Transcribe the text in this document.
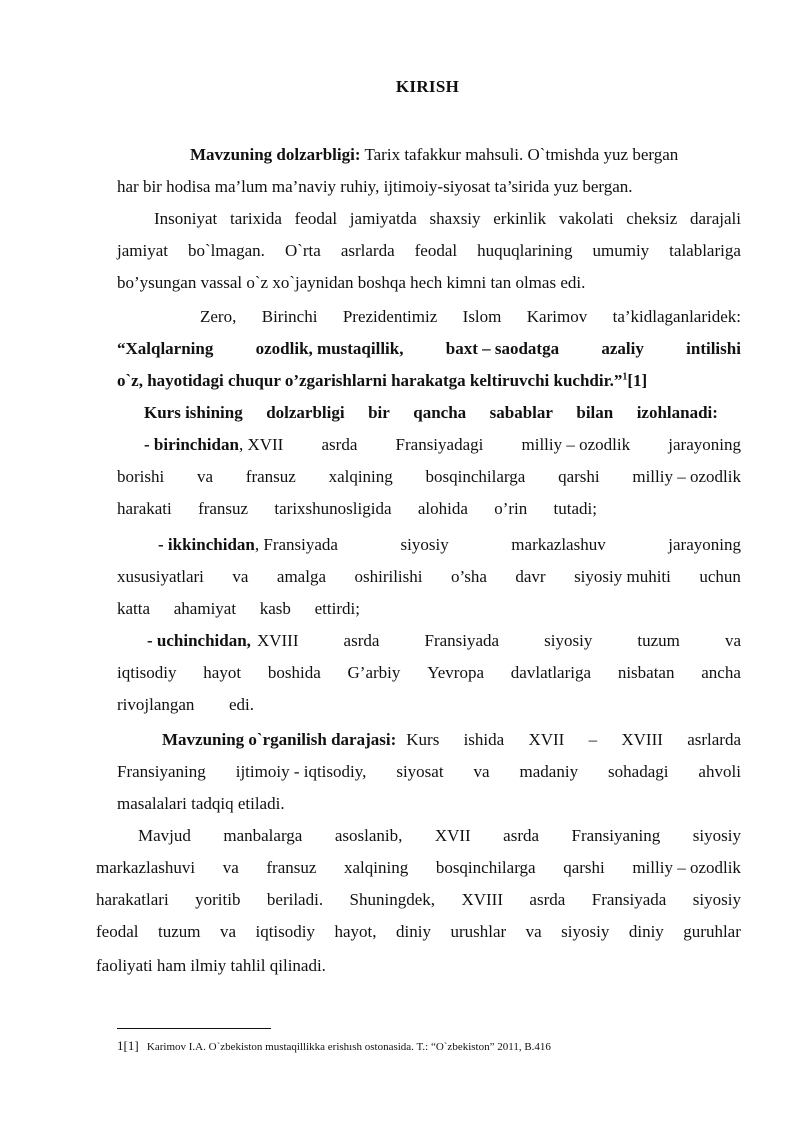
KIRISH
Mavzuning dolzarbligi: Tarix tafakkur mahsuli. O`tmishda yuz bergan
har bir hodisa ma’lum ma’naviy ruhiy, ijtimoiy-siyosat ta’sirida yuz bergan.
Insoniyat tarixida feodal jamiyatda shaxsiy erkinlik vakolati cheksiz darajali
jamiyat bo`lmagan. O`rta asrlarda feodal huquqlarining umumiy talablariga
bo’ysungan vassal o`z xo`jaynidan boshqa hech kimni tan olmas edi.
Zero, Birinchi Prezidentimiz Islom Karimov ta’kidlaganlaridek:
“Xalqlarning ozodlik, mustaqillik, baxt – saodatga azaliy intilishi
o`z, hayotidagi chuqur o’zgarishlarni harakatga keltiruvchi kuchdir.”$^1$[1]
Kurs ishining dolzarbligi bir qancha sabablar bilan izohlanadi:
- birinchidan , XVII asrda Fransiyadagi milliy – ozodlik jarayoning
borishi va fransuz xalqining bosqinchilarga qarshi milliy – ozodlik
harakati fransuz tarixshunosligida alohida o’rin tutadi;
- ikkinchidan , Fransiyada	siyosiy	markazlashuv	jarayoning
xususiyatlari va amalga oshirilishi o’sha davr siyosiy muhiti uchun
katta ahamiyat kasb ettirdi;
- uchinchidan, XVIII	asrda	Fransiyada	siyosiy	tuzum	va
iqtisodiy hayot boshida G’arbiy Yevropa davlatlariga nisbatan ancha
rivojlangan edi.
Mavzuning o`rganilish darajasi: Kurs ishida XVII – XVIII asrlarda
Fransiyaning ijtimoiy - iqtisodiy, siyosat va madaniy sohadagi ahvoli
masalalari tadqiq etiladi.
Mavjud manbalarga asoslanib, XVII asrda Fransiyaning siyosiy
markazlashuvi va fransuz xalqining bosqinchilarga qarshi milliy – ozodlik
harakatlari yoritib beriladi. Shuningdek, XVIII asrda Fransiyada siyosiy
feodal tuzum va iqtisodiy hayot, diniy urushlar va siyosiy diniy guruhlar
faoliyati ham ilmiy tahlil qilinadi.
1[1] Karimov I.A. O`zbekiston mustaqillikka erishısh ostonasida. T.: “O`zbekiston” 2011, B.416
